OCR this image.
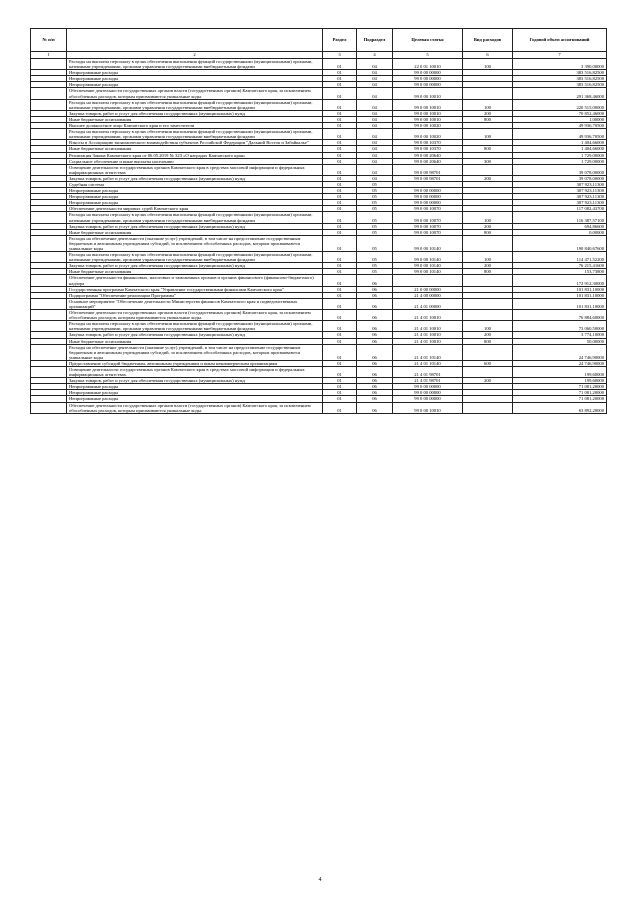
№ п/п		Раздел	Подраздел	Целевая статья	Вид расходов	Годовой объем ассигнований
1	2	3	4	5	6	7
	Расходы на выплаты персоналу в целях обеспечения выполнения функций государственными (муниципальными) органами, казенными учреждениями, органами управления государственными внебюджетными фондами	01	04	22 0 01 10010	100	3 390,00000
	Непрограммные расходы	01	04	99 0 00 00000		383 516,82500
	Непрограммные расходы	01	04	99 0 00 00000		383 516,82500
	Непрограммные расходы	01	04	99 0 00 00000		383 516,82500
	Обеспечение деятельности государственных органов власти (государственных органов) Камчатского края, за исключением обособленных расходов, которым присваиваются уникальные коды.	01	04	99 0 00 10010		291 368,46000
	Расходы на выплаты персоналу в целях обеспечения выполнения функций государственными (муниципальными) органами, казенными учреждениями, органами управления государственными внебюджетными фондами	01	04	99 0 00 10010	100	220 515,00000
	Закупка товаров, работ и услуг для обеспечения государственных (муниципальных) нужд	01	04	99 0 00 10010	200	70 852,46000
	Иные бюджетные ассигнования	01	04	99 0 00 10010	800	1,00000
	Высшее должностное лицо Камчатского края и его заместители	01	04	99 0 00 10020		49 936,70500
	Расходы на выплаты персоналу в целях обеспечения выполнения функций государственными (муниципальными) органами, казенными учреждениями, органами управления государственными внебюджетными фондами	01	04	99 0 00 10020	100	49 936,70500
	Взносы в Ассоциацию экономического взаимодействия субъектов Российской Федерации "Дальний Восток и Забайкалье"	01	04	99 0 00 10370		1 404,66000
	Иные бюджетные ассигнования	01	04	99 0 00 10370	800	1 404,66000
	Реализация Закона Камчатского края от 06.05.2019 № 323 «О наградах Камчатского края»	01	04	99 0 00 20640		1 729,00000
	Социальное обеспечение и иные выплаты населению	01	04	99 0 00 20640	300	1 729,00000
	Освещение деятельности государственных органов Камчатского края в средствах массовой информации и федеральных информационных агентствах	01	04	99 0 00 98701		39 078,00000
	Закупка товаров, работ и услуг для обеспечения государственных (муниципальных) нужд	01	04	99 0 00 98701	200	39 078,00000
	Судебная система	01	05			307 923,11300
	Непрограммные расходы	01	05	99 0 00 00000		307 923,11300
	Непрограммные расходы	01	05	99 0 00 00000		307 923,11300
	Непрограммные расходы	01	05	99 0 00 00000		307 923,11300
	Обеспечение деятельности мировых судей Камчатского края	01	05	99 0 00 10070		117 082,43700
	Расходы на выплаты персоналу в целях обеспечения выполнения функций государственными (муниципальными) органами, казенными учреждениями, органами управления государственными внебюджетными фондами	01	05	99 0 00 10070	100	116 387,57100
	Закупка товаров, работ и услуг для обеспечения государственных (муниципальных) нужд	01	05	99 0 00 10070	200	694,86600
	Иные бюджетные ассигнования	01	05	99 0 00 10070	800	0,00000
	Расходы на обеспечение деятельности (оказание услуг) учреждений, в том числе на предоставление государственным бюджетным и автономным учреждениям субсидий, за исключением обособленных расходов, которым присваиваются уникальные коды	01	05	99 0 00 10140		190 840,67600
	Расходы на выплаты персоналу в целях обеспечения выполнения функций государственными (муниципальными) органами, казенными учреждениями, органами управления государственными внебюджетными фондами	01	05	99 0 00 10140	100	114 471,52200
	Закупка товаров, работ и услуг для обеспечения государственных (муниципальных) нужд	01	05	99 0 00 10140	200	76 215,41600
	Иные бюджетные ассигнования	01	05	99 0 00 10140	800	153,73800
	Обеспечение деятельности финансовых, налоговых и таможенных органов и органов финансового (финансово-бюджетного) надзора	01	06			172 912,30000
	Государственная программа Камчатского края "Управление государственными финансами Камчатского края"	01	06	21 0 00 00000		101 831,10000
	Подпрограмма "Обеспечение реализации Программы"	01	06	21 4 00 00000		101 831,10000
	Основное мероприятие "Обеспечение деятельности Министерства финансов Камчатского края и подведомственных организаций"	01	06	21 4 01 00000		101 831,10000
	Обеспечение деятельности государственных органов власти (государственных органов) Камчатского края, за исключением обособленных расходов, которым присваиваются уникальные коды.	01	06	21 4 01 10010		76 884,60000
	Расходы на выплаты персоналу в целях обеспечения выполнения функций государственными (муниципальными) органами, казенными учреждениями, органами управления государственными внебюджетными фондами	01	06	21 4 01 10010	100	73 060,50000
	Закупка товаров, работ и услуг для обеспечения государственных (муниципальных) нужд	01	06	21 4 01 10010	200	3 774,10000
	Иные бюджетные ассигнования	01	06	21 4 01 10010	800	50,00000
	Расходы на обеспечение деятельности (оказание услуг) учреждений, в том числе на предоставление государственным бюджетным и автономным учреждениям субсидий, за исключением обособленных расходов, которым присваиваются уникальные коды	01	06	21 4 01 10140		24 746,90000
	Предоставление субсидий бюджетным, автономным учреждениям и иным некоммерческим организациям	01	06	21 4 01 10140	600	24 746,90000
	Освещение деятельности государственных органов Камчатского края в средствах массовой информации и федеральных информационных агентствах.	01	06	21 4 01 98701		199,60000
	Закупка товаров, работ и услуг для обеспечения государственных (муниципальных) нужд	01	06	21 4 01 98701	200	199,60000
	Непрограммные расходы	01	06	99 0 00 00000		71 081,20000
	Непрограммные расходы	01	06	99 0 00 00000		71 081,20000
	Непрограммные расходы	01	06	99 0 00 00000		71 081,20000
	Обеспечение деятельности государственных органов власти (государственных органов) Камчатского края, за исключением обособленных расходов, которым присваиваются уникальные коды.	01	06	99 0 00 10010		63 892,20000
4
